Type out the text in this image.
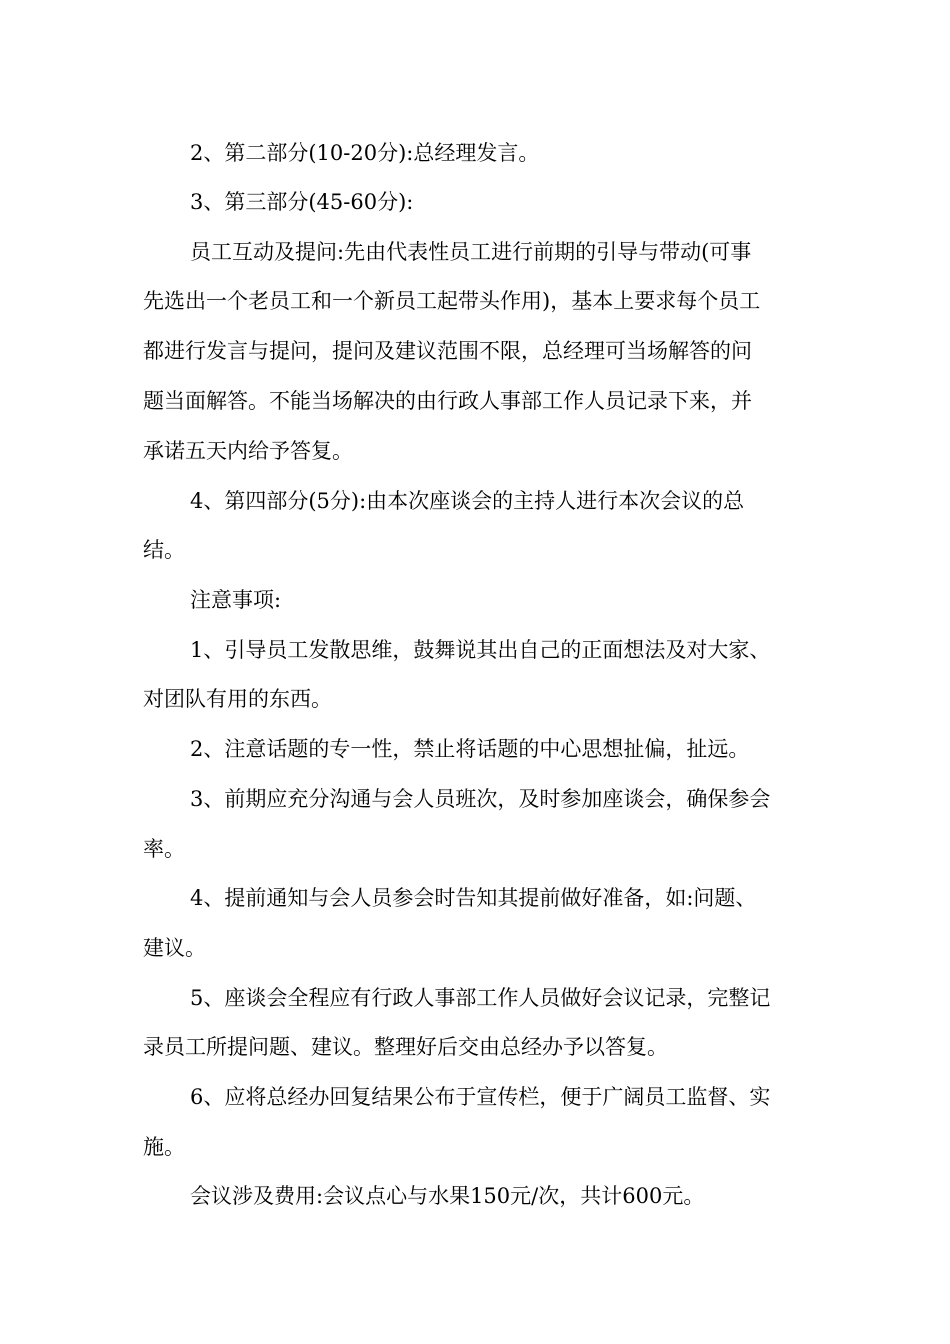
2、第二部分(10-20分):总经理发言。
3、第三部分(45-60分):
员工互动及提问:先由代表性员工进行前期的引导与带动(可事
先选出一个老员工和一个新员工起带头作用)，基本上要求每个员工
都进行发言与提问，提问及建议范围不限，总经理可当场解答的问
题当面解答。不能当场解决的由行政人事部工作人员记录下来，并
承诺五天内给予答复。
4、第四部分(5分):由本次座谈会的主持人进行本次会议的总
结。
注意事项:
1、引导员工发散思维，鼓舞说其出自己的正面想法及对大家、
对团队有用的东西。
2、注意话题的专一性，禁止将话题的中心思想扯偏，扯远。
3、前期应充分沟通与会人员班次，及时参加座谈会，确保参会
率。
4、提前通知与会人员参会时告知其提前做好准备，如:问题、
建议。
5、座谈会全程应有行政人事部工作人员做好会议记录，完整记
录员工所提问题、建议。整理好后交由总经办予以答复。
6、应将总经办回复结果公布于宣传栏，便于广阔员工监督、实
施。
会议涉及费用:会议点心与水果150元/次，共计600元。
